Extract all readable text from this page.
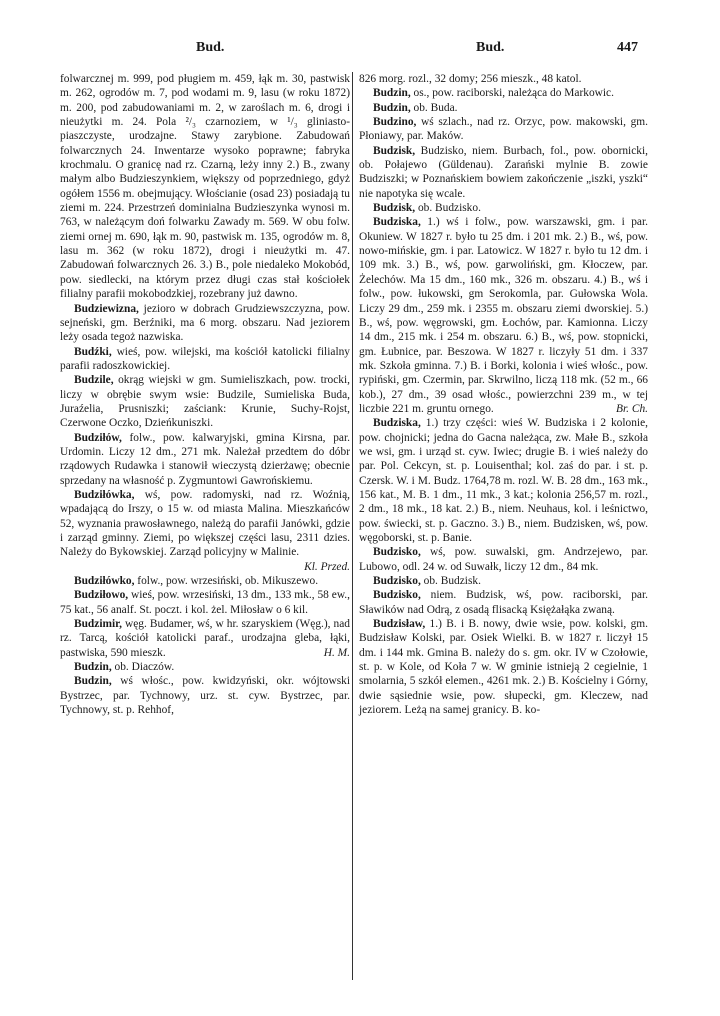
Bud.	Bud.	447

folwarcznej m. 999, pod pługiem m. 459, łąk m. 30, pastwisk m. 262, ogrodów m. 7, pod wodami m. 9, lasu (w roku 1872) m. 200, pod zabudowaniami m. 2, w zaroślach m. 6, drogi i nieużytki m. 24. Pola ²/₃ czarnoziem, w ¹/₃ gliniasto-piaszczyste, urodzajne. Stawy zarybione. Zabudowań folwarcznych 24. Inwentarze wysoko poprawne; fabryka krochmalu. O granicę nad rz. Czarną, leży inny 2.) B., zwany małym albo Budzieszynkiem, większy od poprzedniego, gdyż ogółem 1556 m. obejmujący. Włościanie (osad 23) posiadają tu ziemi m. 224. Przestrzeń dominialna Budzieszynka wynosi m. 763, w należącym doń folwarku Zawady m. 569. W obu folw. ziemi ornej m. 690, łąk m. 90, pastwisk m. 135, ogrodów m. 8, lasu m. 362 (w roku 1872), drogi i nieużytki m. 47. Zabudowań folwarcznych 26. 3.) B., pole niedaleko Mokobód, pow. siedlecki, na którym przez długi czas stał kościołek filialny parafii mokobodzkiej, rozebrany już dawno.

Budziewizna, jezioro w dobrach Grudziewszczyzna, pow. sejneński, gm. Berźniki, ma 6 morg. obszaru. Nad jeziorem leży osada tegoż nazwiska.

Budźki, wieś, pow. wilejski, ma kościół katolicki filialny parafii radoszkowickiej.

Budzile, okrąg wiejski w gm. Sumieliszkach, pow. trocki, liczy w obrębie swym wsie: Budzile, Sumieliska Buda, Juraźelia, Prusniszki; zaściank: Krunie, Suchy-Rojst, Czerwone Oczko, Dzieńkuniszki.

Budziłów, folw., pow. kalwaryjski, gmina Kirsna, par. Urdomin. Liczy 12 dm., 271 mk. Należał przedtem do dóbr rządowych Rudawka i stanowił wieczystą dzierżawę; obecnie sprzedany na własność p. Zygmuntowi Gawrońskiemu.

Budziłówka, wś, pow. radomyski, nad rz. Woźnią, wpadającą do Irszy, o 15 w. od miasta Malina. Mieszkańców 52, wyznania prawosławnego, należą do parafii Janówki, gdzie i zarząd gminny. Ziemi, po większej części lasu, 2311 dzies. Należy do Bykowskiej. Zarząd policyjny w Malinie.
Kl. Przed.

Budziłówko, folw., pow. wrzesiński, ob. Mikuszewo.

Budziłowo, wieś, pow. wrzesiński, 13 dm., 133 mk., 58 ew., 75 kat., 56 analf. St. poczt. i kol. żel. Miłosław o 6 kil.

Budzimir, węg. Budamer, wś, w hr. szaryskiem (Węg.), nad rz. Tarcą, kościół katolicki paraf., urodzajna gleba, łąki, pastwiska, 590 mieszk.	H. M.

Budzin, ob. Diaczów.

Budzin, wś włośc., pow. kwidzyński, okr. wójtowski Bystrzec, par. Tychnowy, urz. st. cyw. Bystrzec, par. Tychnowy, st. p. Rehhof,

826 morg. rozl., 32 domy; 256 mieszk., 48 katol.

Budzin, os., pow. raciborski, należąca do Markowic.

Budzin, ob. Buda.

Budzino, wś szlach., nad rz. Orzyc, pow. makowski, gm. Płoniawy, par. Maków.

Budzisk, Budzisko, niem. Burbach, fol., pow. obornicki, ob. Połajewo (Güldenau). Zarański mylnie B. zowie Budziszki; w Poznańskiem bowiem zakończenie „iszki, yszki“ nie napotyka się wcale.

Budzisk, ob. Budzisko.

Budziska, 1.) wś i folw., pow. warszawski, gm. i par. Okuniew. W 1827 r. było tu 25 dm. i 201 mk. 2.) B., wś, pow. nowo-mińskie, gm. i par. Latowicz. W 1827 r. było tu 12 dm. i 109 mk. 3.) B., wś, pow. garwoliński, gm. Kłoczew, par. Żelechów. Ma 15 dm., 160 mk., 326 m. obszaru. 4.) B., wś i folw., pow. łukowski, gm Serokomla, par. Gułowska Wola. Liczy 29 dm., 259 mk. i 2355 m. obszaru ziemi dworskiej. 5.) B., wś, pow. węgrowski, gm. Łochów, par. Kamionna. Liczy 14 dm., 215 mk. i 254 m. obszaru. 6.) B., wś, pow. stopnicki, gm. Łubnice, par. Beszowa. W 1827 r. liczyły 51 dm. i 337 mk. Szkoła gminna. 7.) B. i Borki, kolonia i wieś włośc., pow. rypiński, gm. Czermin, par. Skrwilno, liczą 118 mk. (52 m., 66 kob.), 27 dm., 39 osad włośc., powierzchni 239 m., w tej liczbie 221 m. gruntu ornego.	Br. Ch.

Budziska, 1.) trzy części: wieś W. Budziska i 2 kolonie, pow. chojnicki; jedna do Gacna należąca, zw. Małe B., szkoła we wsi, gm. i urząd st. cyw. Iwiec; drugie B. i wieś należy do par. Pol. Cekcyn, st. p. Louisenthal; kol. zaś do par. i st. p. Czersk. W. i M. Budz. 1764,78 m. rozl. W. B. 28 dm., 163 mk., 156 kat., M. B. 1 dm., 11 mk., 3 kat.; kolonia 256,57 m. rozl., 2 dm., 18 mk., 18 kat. 2.) B., niem. Neuhaus, kol. i leśnictwo, pow. świecki, st. p. Gaczno. 3.) B., niem. Budzisken, wś, pow. węgoborski, st. p. Banie.

Budzisko, wś, pow. suwalski, gm. Andrzejewo, par. Lubowo, odl. 24 w. od Suwałk, liczy 12 dm., 84 mk.

Budzisko, ob. Budzisk.

Budzisko, niem. Budzisk, wś, pow. raciborski, par. Sławików nad Odrą, z osadą flisacką Księżałąka zwaną.

Budzisław, 1.) B. i B. nowy, dwie wsie, pow. kolski, gm. Budzisław Kolski, par. Osiek Wielki. B. w 1827 r. liczył 15 dm. i 144 mk. Gmina B. należy do s. gm. okr. IV w Czołowie, st. p. w Kole, od Koła 7 w. W gminie istnieją 2 cegielnie, 1 smolarnia, 5 szkół elemen., 4261 mk. 2.) B. Kościelny i Górny, dwie sąsiednie wsie, pow. słupecki, gm. Kleczew, nad jeziorem. Leżą na samej granicy. B. ko-
